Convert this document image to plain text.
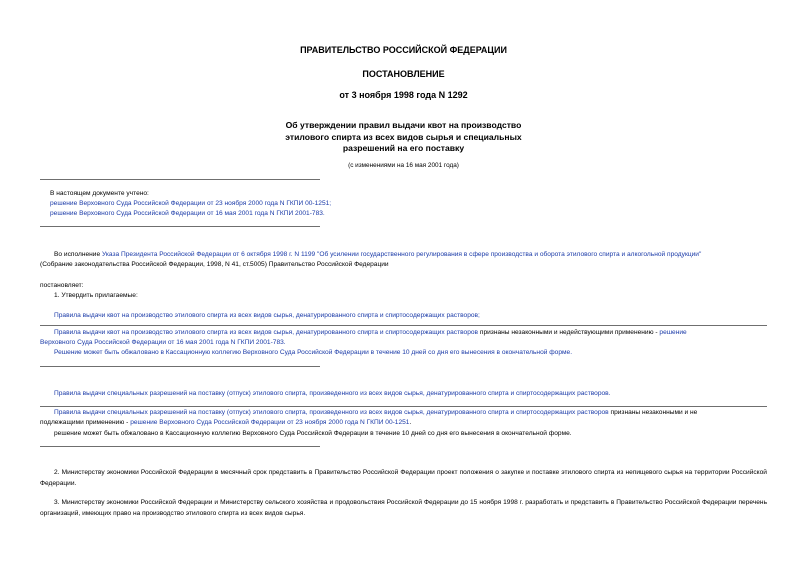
ПРАВИТЕЛЬСТВО РОССИЙСКОЙ ФЕДЕРАЦИИ
ПОСТАНОВЛЕНИЕ
от 3 ноября 1998 года N 1292
Об утверждении правил выдачи квот на производство
этилового спирта из всех видов сырья и специальных
разрешений на его поставку
(с изменениями на 16 мая 2001 года)
В настоящем документе учтено:
решение Верховного Суда Российской Федерации от 23 ноября 2000 года N ГКПИ 00-1251;
решение Верховного Суда Российской Федерации от 16 мая 2001 года N ГКПИ 2001-783.
Во исполнение Указа Президента Российской Федерации от 6 октября 1998 г. N 1199 "Об усилении государственного регулирования в сфере производства и оборота этилового спирта и алкогольной продукции"
(Собрание законодательства Российской Федерации, 1998, N 41, ст.5005) Правительство Российской Федерации
постановляет:
1. Утвердить прилагаемые:
Правила выдачи квот на производство этилового спирта из всех видов сырья, денатурированного спирта и спиртосодержащих растворов;
Правила выдачи квот на производство этилового спирта из всех видов сырья, денатурированного спирта и спиртосодержащих растворов признаны незаконными и недействующими применению - решение
Верховного Суда Российской Федерации от 16 мая 2001 года N ГКПИ 2001-783.
Решение может быть обжаловано в Кассационную коллегию Верховного Суда Российской Федерации в течение 10 дней со дня его вынесения в окончательной форме.
Правила выдачи специальных разрешений на поставку (отпуск) этилового спирта, произведенного из всех видов сырья, денатурированного спирта и спиртосодержащих растворов.
Правила выдачи специальных разрешений на поставку (отпуск) этилового спирта, произведенного из всех видов сырья, денатурированного спирта и спиртосодержащих растворов признаны незаконными и не
подлежащими применению - решение Верховного Суда Российской Федерации от 23 ноября 2000 года N ГКПИ 00-1251.
решение может быть обжаловано в Кассационную коллегию Верховного Суда Российской Федерации в течение 10 дней со дня его вынесения в окончательной форме.
2. Министерству экономики Российской Федерации в месячный срок представить в Правительство Российской Федерации проект положения о закупке и поставке этилового спирта из непищевого сырья на территории Российской Федерации.
3. Министерству экономики Российской Федерации и Министерству сельского хозяйства и продовольствия Российской Федерации до 15 ноября 1998 г. разработать и представить в Правительство Российской Федерации перечень организаций, имеющих право на производство этилового спирта из всех видов сырья.
